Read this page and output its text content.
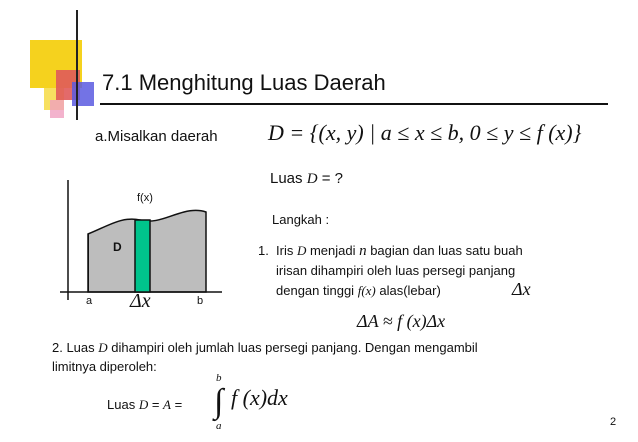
7.1 Menghitung Luas Daerah
a.Misalkan daerah D = {(x, y) | a ≤ x ≤ b, 0 ≤ y ≤ f (x)}
Luas D = ?
Langkah :
f(x)
D
a	b
Δx
1. Iris D menjadi n bagian dan luas satu buah
irisan dihampiri oleh luas persegi panjang
dengan tinggi f(x) alas(lebar)	Δx
ΔA ≈ f (x)Δx
2. Luas D dihampiri oleh jumlah luas persegi panjang. Dengan mengambil
limitnya diperoleh:
Luas D = A =
b
∫
a
f (x)dx
2
